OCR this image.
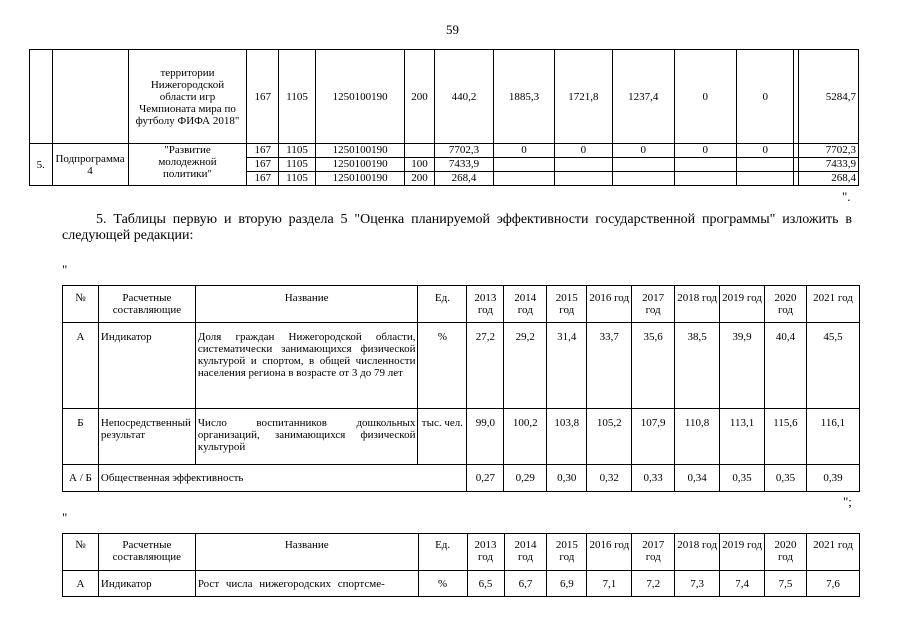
59
		территории Нижегородской области игр Чемпионата мира по футболу ФИФА 2018"	167	1105	1250100190	200	440,2	1885,3	1721,8	1237,4	0	0		5284,7
5.	Подпрограмма 4	"Развитие молодежной политики"	167	1105	1250100190		7702,3	0	0	0	0	0		7702,3
			167	1105	1250100190	100	7433,9							7433,9
			167	1105	1250100190	200	268,4							268,4
".
5. Таблицы первую и вторую раздела 5 "Оценка планируемой эффективности государственной программы" изложить в следующей редакции:
"
№	Расчетные составляющие	Название	Ед.	2013 год	2014 год	2015 год	2016 год	2017 год	2018 год	2019 год	2020 год	2021 год
А	Индикатор	Доля граждан Нижегородской области, систематически занимающихся физической культурой и спортом, в общей численности населения региона в возрасте от 3 до 79 лет	%	27,2	29,2	31,4	33,7	35,6	38,5	39,9	40,4	45,5
Б	Непосредственный результат	Число воспитанников дошкольных организаций, занимающихся физической культурой	тыс. чел.	99,0	100,2	103,8	105,2	107,9	110,8	113,1	115,6	116,1
А / Б	Общественная эффективность			0,27	0,29	0,30	0,32	0,33	0,34	0,35	0,35	0,39
";
"
№	Расчетные составляющие	Название	Ед.	2013 год	2014 год	2015 год	2016 год	2017 год	2018 год	2019 год	2020 год	2021 год
А	Индикатор	Рост числа нижегородских спортсме-	%	6,5	6,7	6,9	7,1	7,2	7,3	7,4	7,5	7,6
